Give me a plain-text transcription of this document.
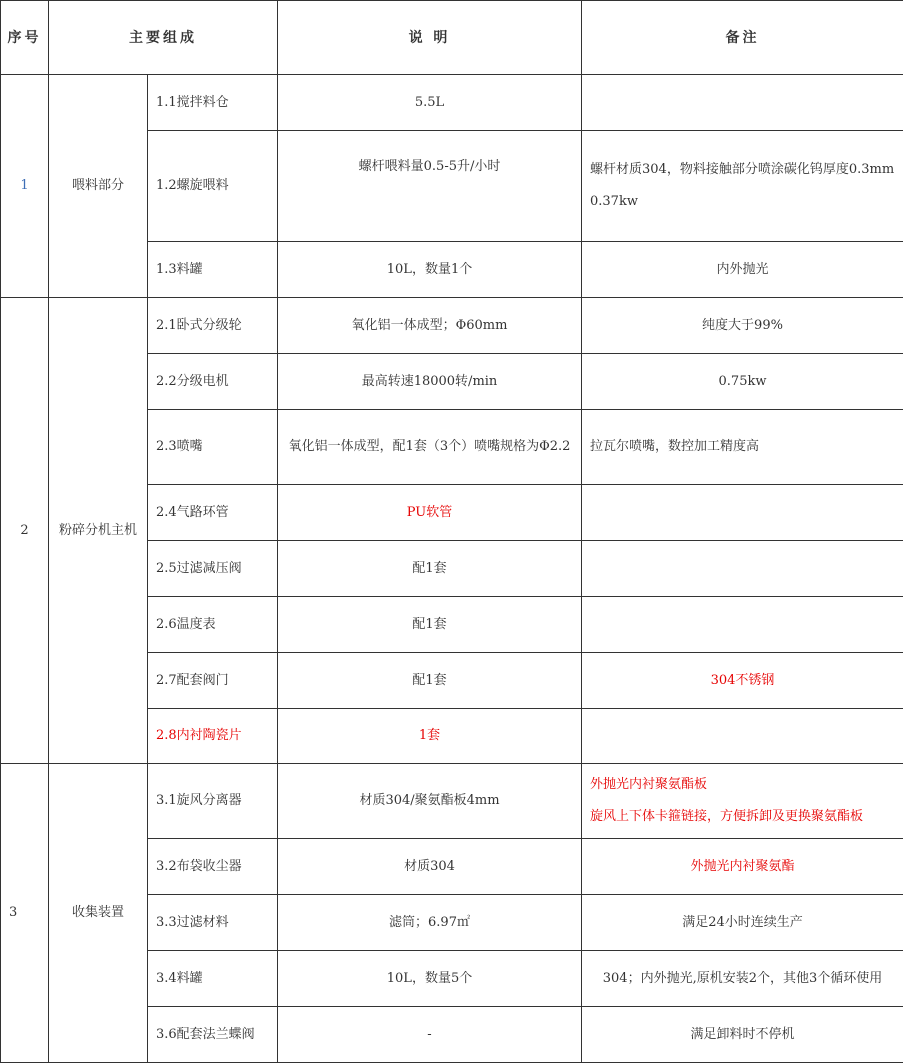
序号	主要组成		说 明	备注
1	喂料部分	1.1搅拌料仓	5.5L	
		1.2螺旋喂料	螺杆喂料量0.5-5升/小时	螺杆材质304，物料接触部分喷涂碳化钨厚度0.3mm
0.37kw

		1.3料罐	10L，数量1个	内外抛光
2	粉碎分机主机	2.1卧式分级轮	氧化铝一体成型；Φ60mm	纯度大于99%
		2.2分级电机	最高转速18000转/min	0.75kw
		2.3喷嘴	氧化铝一体成型，配1套（3个）喷嘴规格为Φ2.2	拉瓦尔喷嘴，数控加工精度高
		2.4气路环管	PU软管	
		2.5过滤减压阀	配1套	
		2.6温度表	配1套	
		2.7配套阀门	配1套	304不锈钢
		2.8内衬陶瓷片	1套	
3	收集装置	3.1旋风分离器	材质304/聚氨酯板4mm	外抛光内衬聚氨酯板
旋风上下体卡箍链接，方便拆卸及更换聚氨酯板

		3.2布袋收尘器	材质304	外抛光内衬聚氨酯
		3.3过滤材料	滤筒；6.97㎡	满足24小时连续生产
		3.4料罐	10L，数量5个	304；内外抛光,原机安装2个，其他3个循环使用
		3.6配套法兰蝶阀	-	满足卸料时不停机
